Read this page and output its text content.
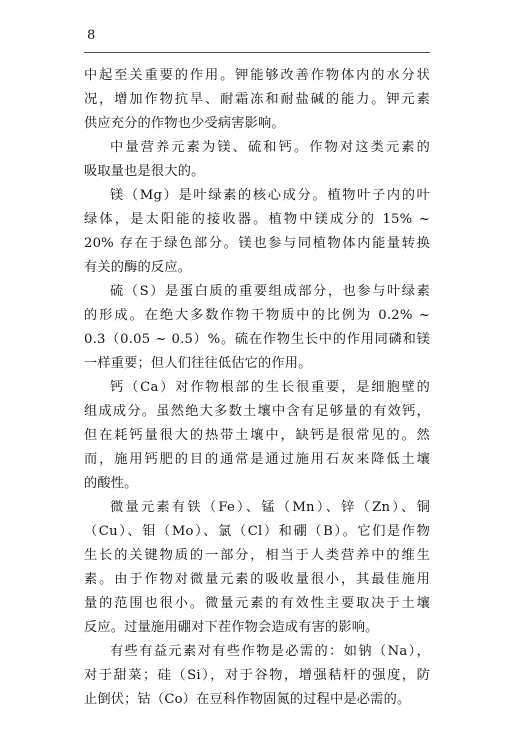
8
中起至关重要的作用。钾能够改善作物体内的水分状
况，增加作物抗旱、耐霜冻和耐盐碱的能力。钾元素
供应充分的作物也少受病害影响。
中量营养元素为镁、硫和钙。作物对这类元素的
吸取量也是很大的。
镁（Mg）是叶绿素的核心成分。植物叶子内的叶
绿体，是太阳能的接收器。植物中镁成分的 15% ~
20% 存在于绿色部分。镁也参与同植物体内能量转换
有关的酶的反应。
硫（S）是蛋白质的重要组成部分，也参与叶绿素
的形成。在绝大多数作物干物质中的比例为 0.2% ~
0.3（0.05 ~ 0.5）%。硫在作物生长中的作用同磷和镁
一样重要；但人们往往低估它的作用。
钙（Ca）对作物根部的生长很重要，是细胞壁的
组成成分。虽然绝大多数土壤中含有足够量的有效钙，
但在耗钙量很大的热带土壤中，缺钙是很常见的。然
而，施用钙肥的目的通常是通过施用石灰来降低土壤
的酸性。
微量元素有铁（Fe）、锰（Mn）、锌（Zn）、铜
（Cu）、钼（Mo）、氯（Cl）和硼（B）。它们是作物
生长的关键物质的一部分，相当于人类营养中的维生
素。由于作物对微量元素的吸收量很小，其最佳施用
量的范围也很小。微量元素的有效性主要取决于土壤
反应。过量施用硼对下茬作物会造成有害的影响。
有些有益元素对有些作物是必需的：如钠（Na），
对于甜菜；硅（Si），对于谷物，增强秸杆的强度，防
止倒伏；钴（Co）在豆科作物固氮的过程中是必需的。
